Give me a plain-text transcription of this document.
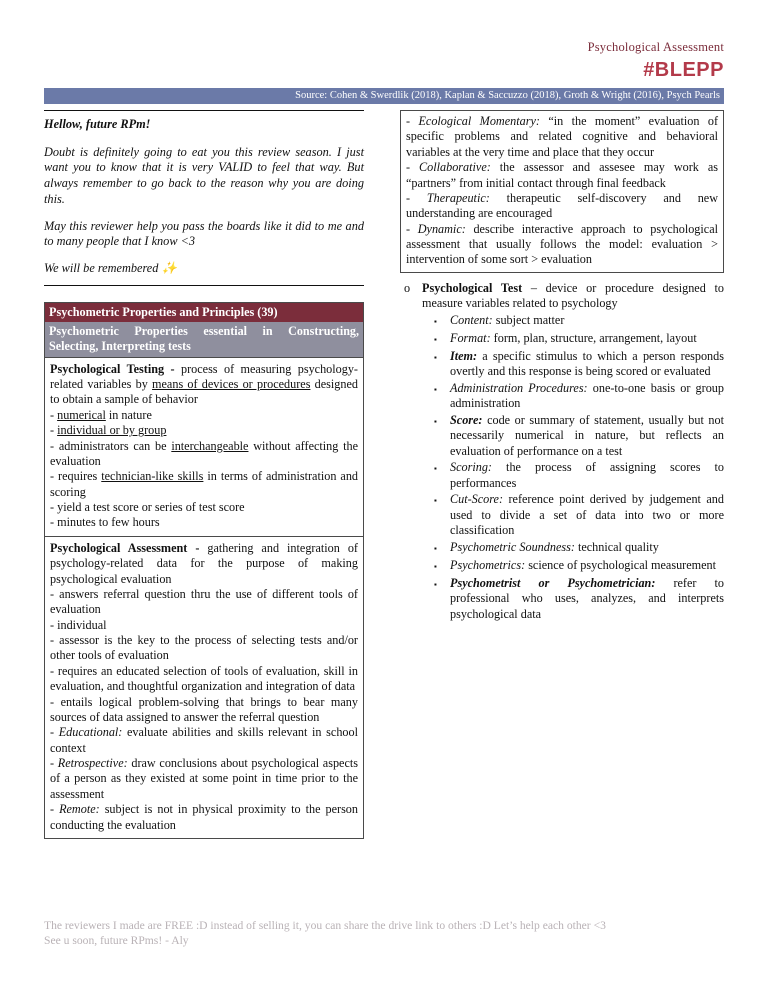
Psychological Assessment
#BLEPP
Source: Cohen & Swerdlik (2018), Kaplan & Saccuzzo (2018), Groth & Wright (2016), Psych Pearls

Hellow, future RPm!

Doubt is definitely going to eat you this review season. I just want you to know that it is very VALID to feel that way. But always remember to go back to the reason why you are doing this.

May this reviewer help you pass the boards like it did to me and to many people that I know <3

We will be remembered ✨

Psychometric Properties and Principles (39)
Psychometric Properties essential in Constructing, Selecting, Interpreting tests

Psychological Testing - process of measuring psychology-related variables by means of devices or procedures designed to obtain a sample of behavior

- numerical in nature

- individual or by group

- administrators can be interchangeable without affecting the evaluation

- requires technician-like skills in terms of administration and scoring

- yield a test score or series of test score

- minutes to few hours

Psychological Assessment - gathering and integration of psychology-related data for the purpose of making psychological evaluation

- answers referral question thru the use of different tools of evaluation

- individual

- assessor is the key to the process of selecting tests and/or other tools of evaluation

- requires an educated selection of tools of evaluation, skill in evaluation, and thoughtful organization and integration of data

- entails logical problem-solving that brings to bear many sources of data assigned to answer the referral question

- Educational: evaluate abilities and skills relevant in school context

- Retrospective: draw conclusions about psychological aspects of a person as they existed at some point in time prior to the assessment

- Remote: subject is not in physical proximity to the person conducting the evaluation

- Ecological Momentary: “in the moment” evaluation of specific problems and related cognitive and behavioral variables at the very time and place that they occur

- Collaborative: the assessor and assesee may work as “partners” from initial contact through final feedback

- Therapeutic: therapeutic self-discovery and new understanding are encouraged

- Dynamic: describe interactive approach to psychological assessment that usually follows the model: evaluation > intervention of some sort > evaluation

o Psychological Test – device or procedure designed to measure variables related to psychology
▪	Content: subject matter
▪	Format: form, plan, structure, arrangement, layout
▪	Item: a specific stimulus to which a person responds overtly and this response is being scored or evaluated
▪	Administration Procedures: one-to-one basis or group administration
▪	Score: code or summary of statement, usually but not necessarily numerical in nature, but reflects an evaluation of performance on a test
▪	Scoring: the process of assigning scores to performances
▪	Cut-Score: reference point derived by judgement and used to divide a set of data into two or more classification
▪	Psychometric Soundness: technical quality
▪	Psychometrics: science of psychological measurement
▪	Psychometrist or Psychometrician: refer to professional who uses, analyzes, and interprets psychological data
The reviewers I made are FREE :D instead of selling it, you can share the drive link to others :D Let’s help each other <3
See u soon, future RPms! - Aly
